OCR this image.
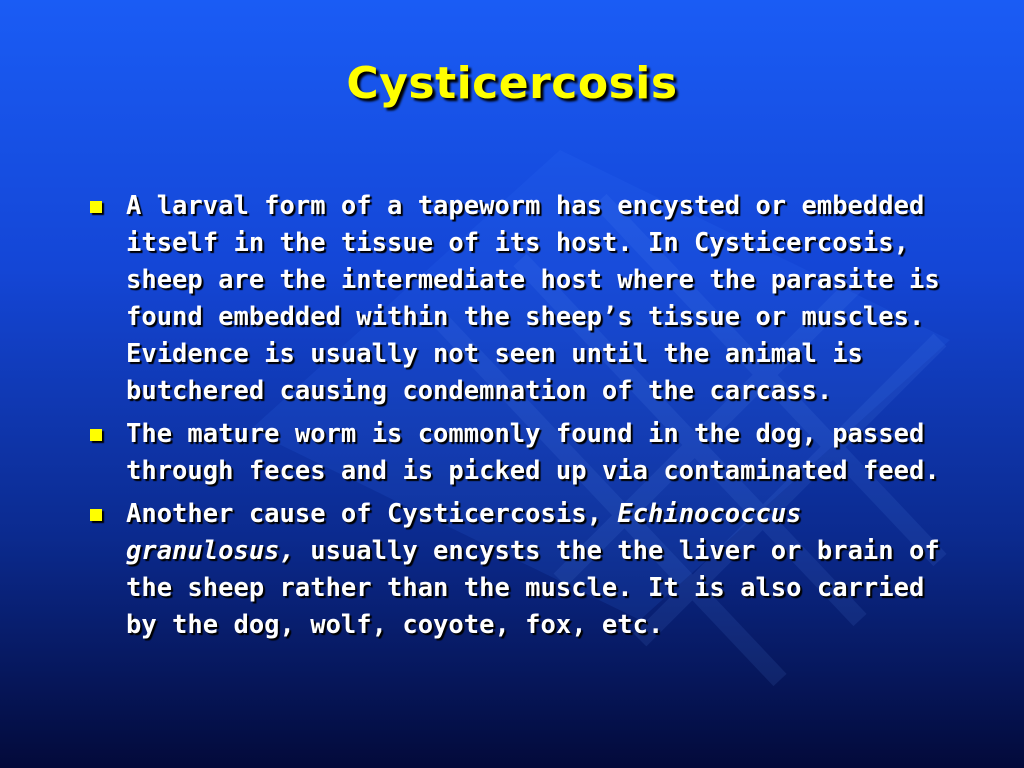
Cysticercosis
A larval form of a tapeworm has encysted or embedded itself in the tissue of its host. In Cysticercosis, sheep are the intermediate host where the parasite is found embedded within the sheep’s tissue or muscles. Evidence is usually not seen until the animal is butchered causing condemnation of the carcass.
The mature worm is commonly found in the dog, passed through feces and is picked up via contaminated feed.
Another cause of Cysticercosis, Echinococcus granulosus, usually encysts the the liver or brain of the sheep rather than the muscle. It is also carried by the dog, wolf, coyote, fox, etc.
